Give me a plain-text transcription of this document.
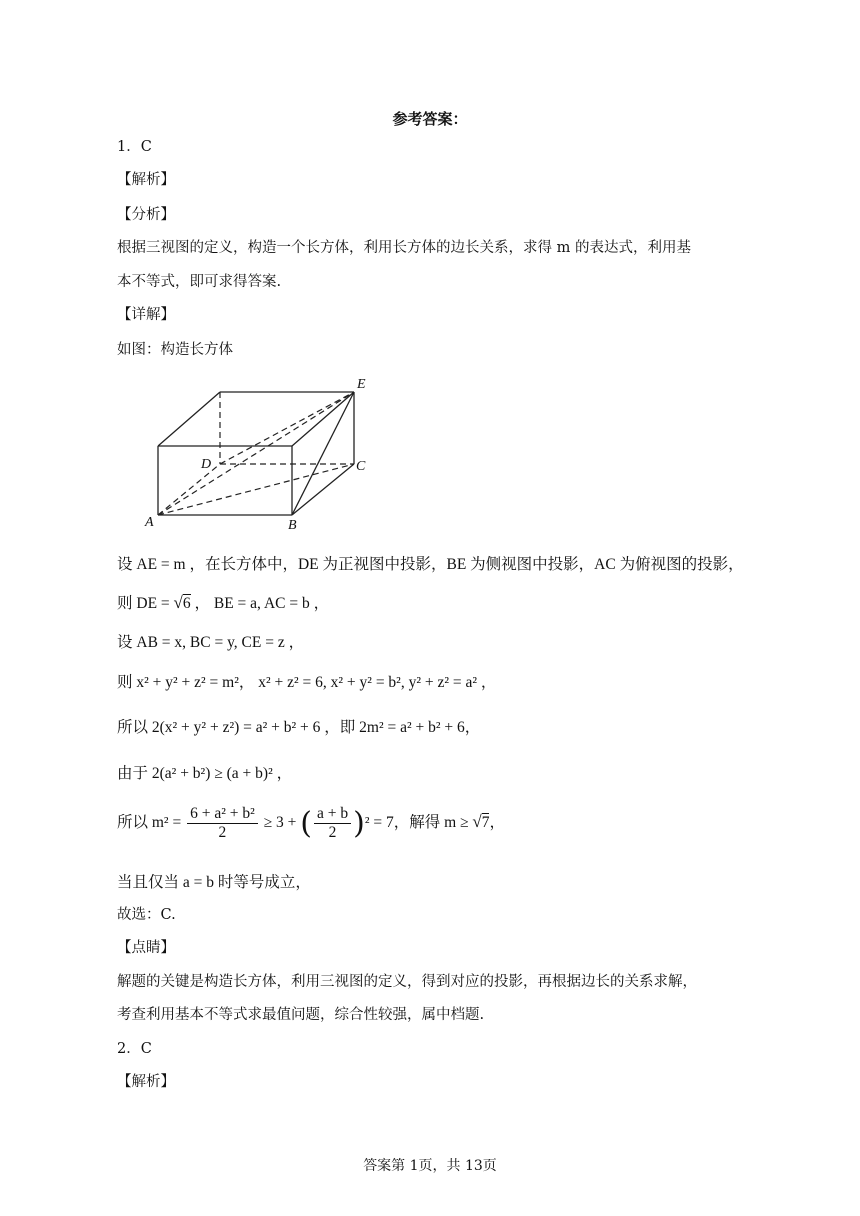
参考答案：
1．C
【解析】
【分析】
根据三视图的定义，构造一个长方体，利用长方体的边长关系，求得 m 的表达式，利用基
本不等式，即可求得答案.
【详解】
如图：构造长方体
A	B
C
D
E
设 AE = m ，在长方体中，DE 为正视图中投影，BE 为侧视图中投影，AC 为俯视图的投影，
则 DE = √6 ， BE = a, AC = b ，
设 AB = x, BC = y, CE = z ，
则 x² + y² + z² = m²， x² + z² = 6, x² + y² = b², y² + z² = a² ，
所以 2(x² + y² + z²) = a² + b² + 6 ，即 2m² = a² + b² + 6，
由于 2(a² + b²) ≥ (a + b)² ，
所以 $m^2 = \frac{\text{6 + a² + b²}}{2} \ge 3$ + ( $\frac{a + b}{2} )^2 = 7$，解得 m ≥ √7，
当且仅当 a = b 时等号成立，
故选：C.
【点睛】
解题的关键是构造长方体，利用三视图的定义，得到对应的投影，再根据边长的关系求解，
考查利用基本不等式求最值问题，综合性较强，属中档题.
2．C
【解析】
答案第 1页，共 13页
